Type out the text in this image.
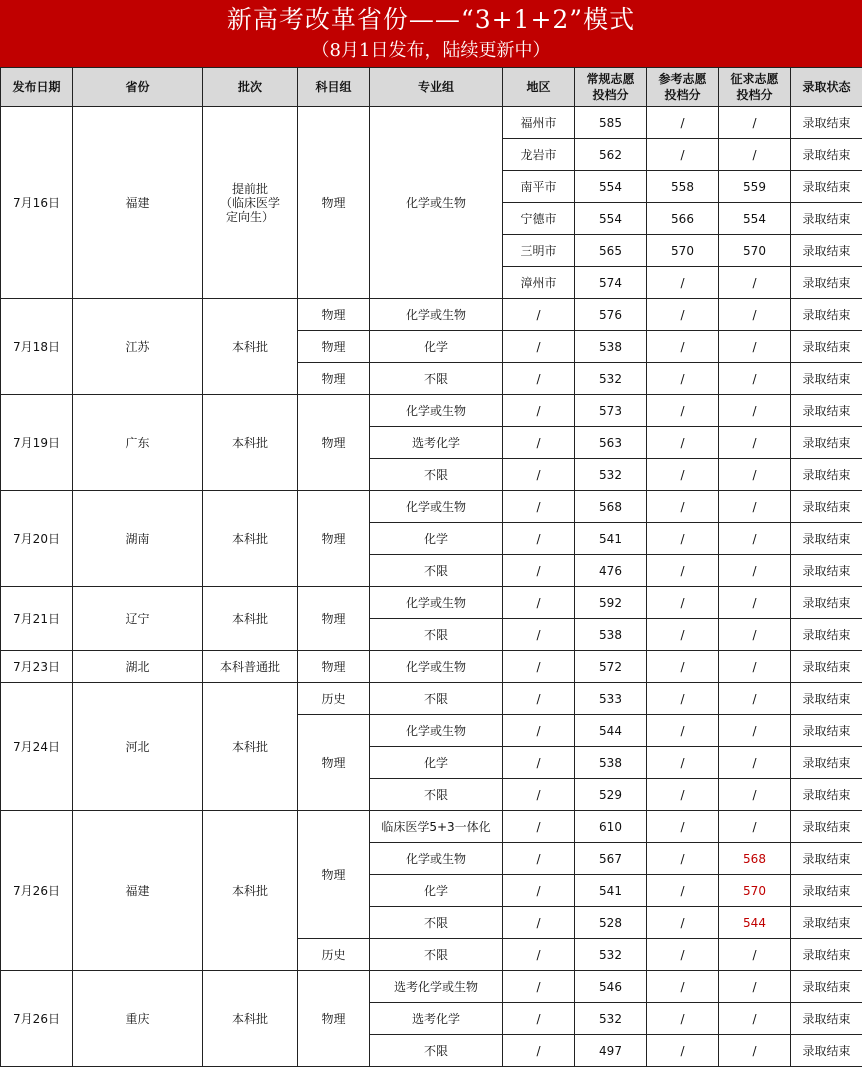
新高考改革省份——“3+1+2”模式
（8月1日发布，陆续更新中）
发布日期	省份	批次	科目组	专业组	地区	常规志愿
投档分	参考志愿
投档分	征求志愿
投档分	录取状态
7月16日	福建	提前批
（临床医学
定向生）	物理	化学或生物	福州市	585	/	/	录取结束
					龙岩市	562	/	/	录取结束
					南平市	554	558	559	录取结束
					宁德市	554	566	554	录取结束
					三明市	565	570	570	录取结束
					漳州市	574	/	/	录取结束
7月18日	江苏	本科批	物理	化学或生物	/	576	/	/	录取结束
			物理	化学	/	538	/	/	录取结束
			物理	不限	/	532	/	/	录取结束
7月19日	广东	本科批	物理	化学或生物	/	573	/	/	录取结束
				选考化学	/	563	/	/	录取结束
				不限	/	532	/	/	录取结束
7月20日	湖南	本科批	物理	化学或生物	/	568	/	/	录取结束
				化学	/	541	/	/	录取结束
				不限	/	476	/	/	录取结束
7月21日	辽宁	本科批	物理	化学或生物	/	592	/	/	录取结束
				不限	/	538	/	/	录取结束
7月23日	湖北	本科普通批	物理	化学或生物	/	572	/	/	录取结束
7月24日	河北	本科批	历史	不限	/	533	/	/	录取结束
			物理	化学或生物	/	544	/	/	录取结束
				化学	/	538	/	/	录取结束
				不限	/	529	/	/	录取结束
7月26日	福建	本科批	物理	临床医学5+3一体化	/	610	/	/	录取结束
				化学或生物	/	567	/	568	录取结束
				化学	/	541	/	570	录取结束
				不限	/	528	/	544	录取结束
			历史	不限	/	532	/	/	录取结束
7月26日	重庆	本科批	物理	选考化学或生物	/	546	/	/	录取结束
				选考化学	/	532	/	/	录取结束
				不限	/	497	/	/	录取结束
